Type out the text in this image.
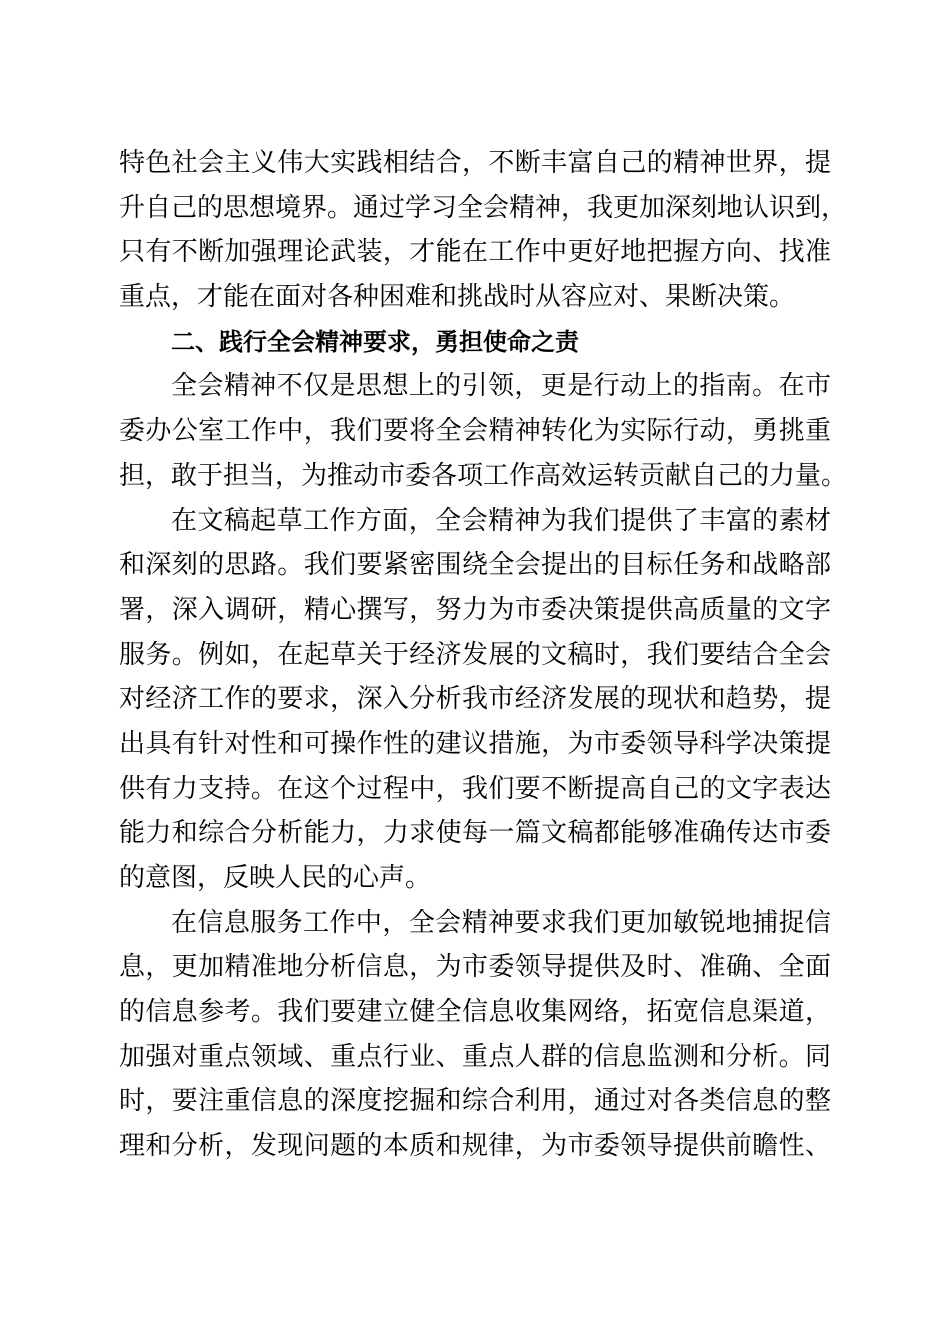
特色社会主义伟大实践相结合，不断丰富自己的精神世界，提
升自己的思想境界。通过学习全会精神，我更加深刻地认识到，
只有不断加强理论武装，才能在工作中更好地把握方向、找准
重点，才能在面对各种困难和挑战时从容应对、果断决策。
二、践行全会精神要求，勇担使命之责
全会精神不仅是思想上的引领，更是行动上的指南。在市
委办公室工作中，我们要将全会精神转化为实际行动，勇挑重
担，敢于担当，为推动市委各项工作高效运转贡献自己的力量。
在文稿起草工作方面，全会精神为我们提供了丰富的素材
和深刻的思路。我们要紧密围绕全会提出的目标任务和战略部
署，深入调研，精心撰写，努力为市委决策提供高质量的文字
服务。例如，在起草关于经济发展的文稿时，我们要结合全会
对经济工作的要求，深入分析我市经济发展的现状和趋势，提
出具有针对性和可操作性的建议措施，为市委领导科学决策提
供有力支持。在这个过程中，我们要不断提高自己的文字表达
能力和综合分析能力，力求使每一篇文稿都能够准确传达市委
的意图，反映人民的心声。
在信息服务工作中，全会精神要求我们更加敏锐地捕捉信
息，更加精准地分析信息，为市委领导提供及时、准确、全面
的信息参考。我们要建立健全信息收集网络，拓宽信息渠道，
加强对重点领域、重点行业、重点人群的信息监测和分析。同
时，要注重信息的深度挖掘和综合利用，通过对各类信息的整
理和分析，发现问题的本质和规律，为市委领导提供前瞻性、
